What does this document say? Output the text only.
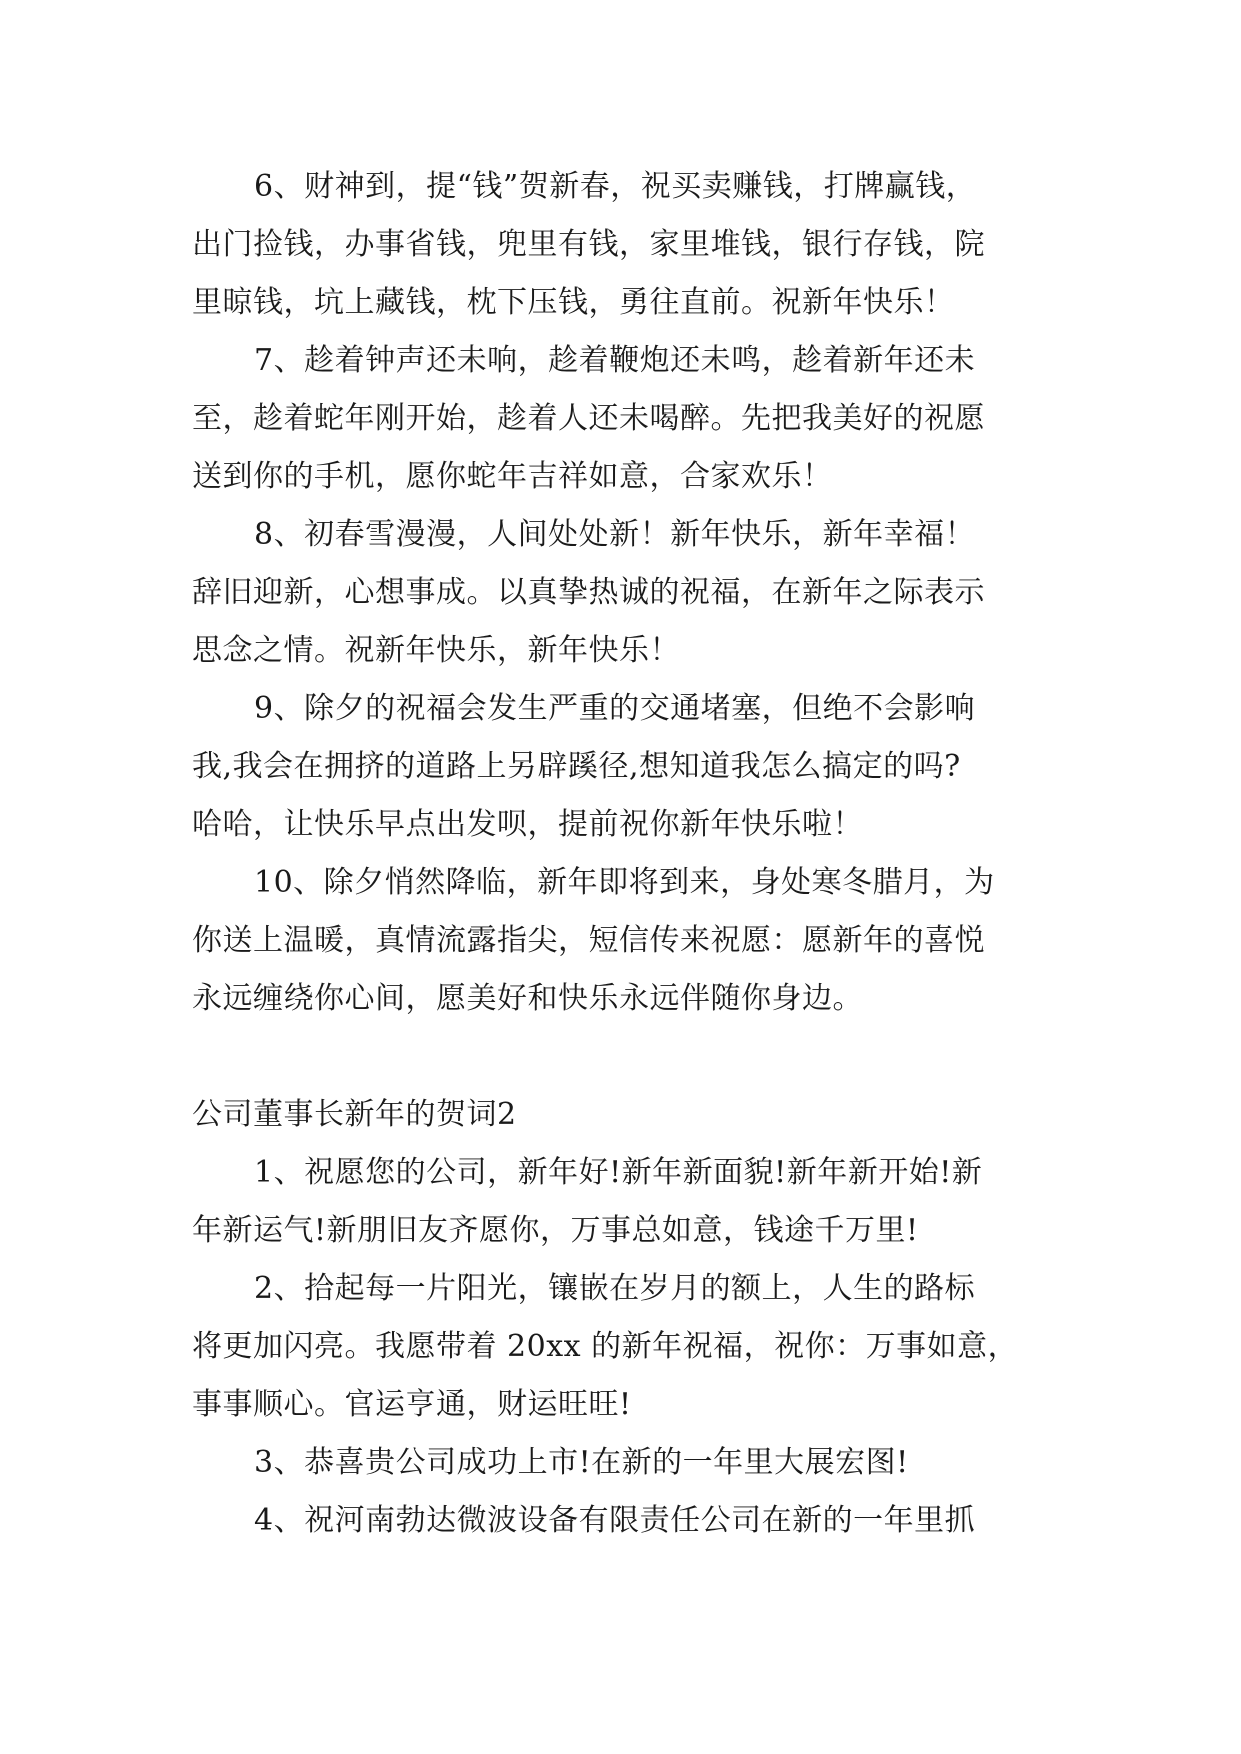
6、财神到，提“钱”贺新春，祝买卖赚钱，打牌赢钱，
出门捡钱，办事省钱，兜里有钱，家里堆钱，银行存钱，院
里晾钱，坑上藏钱，枕下压钱，勇往直前。祝新年快乐！

7、趁着钟声还未响，趁着鞭炮还未鸣，趁着新年还未
至，趁着蛇年刚开始，趁着人还未喝醉。先把我美好的祝愿
送到你的手机，愿你蛇年吉祥如意，合家欢乐！

8、初春雪漫漫，人间处处新！新年快乐，新年幸福！
辞旧迎新，心想事成。以真挚热诚的祝福，在新年之际表示
思念之情。祝新年快乐，新年快乐！

9、除夕的祝福会发生严重的交通堵塞，但绝不会影响
我,我会在拥挤的道路上另辟蹊径,想知道我怎么搞定的吗?
哈哈，让快乐早点出发呗，提前祝你新年快乐啦！

10、除夕悄然降临，新年即将到来，身处寒冬腊月，为
你送上温暖，真情流露指尖，短信传来祝愿：愿新年的喜悦
永远缠绕你心间，愿美好和快乐永远伴随你身边。

公司董事长新年的贺词2

1、祝愿您的公司，新年好!新年新面貌!新年新开始!新
年新运气!新朋旧友齐愿你，万事总如意，钱途千万里!

2、拾起每一片阳光，镶嵌在岁月的额上，人生的路标
将更加闪亮。我愿带着 20xx 的新年祝福，祝你：万事如意，
事事顺心。官运亨通，财运旺旺!

3、恭喜贵公司成功上市!在新的一年里大展宏图!

4、祝河南勃达微波设备有限责任公司在新的一年里抓
